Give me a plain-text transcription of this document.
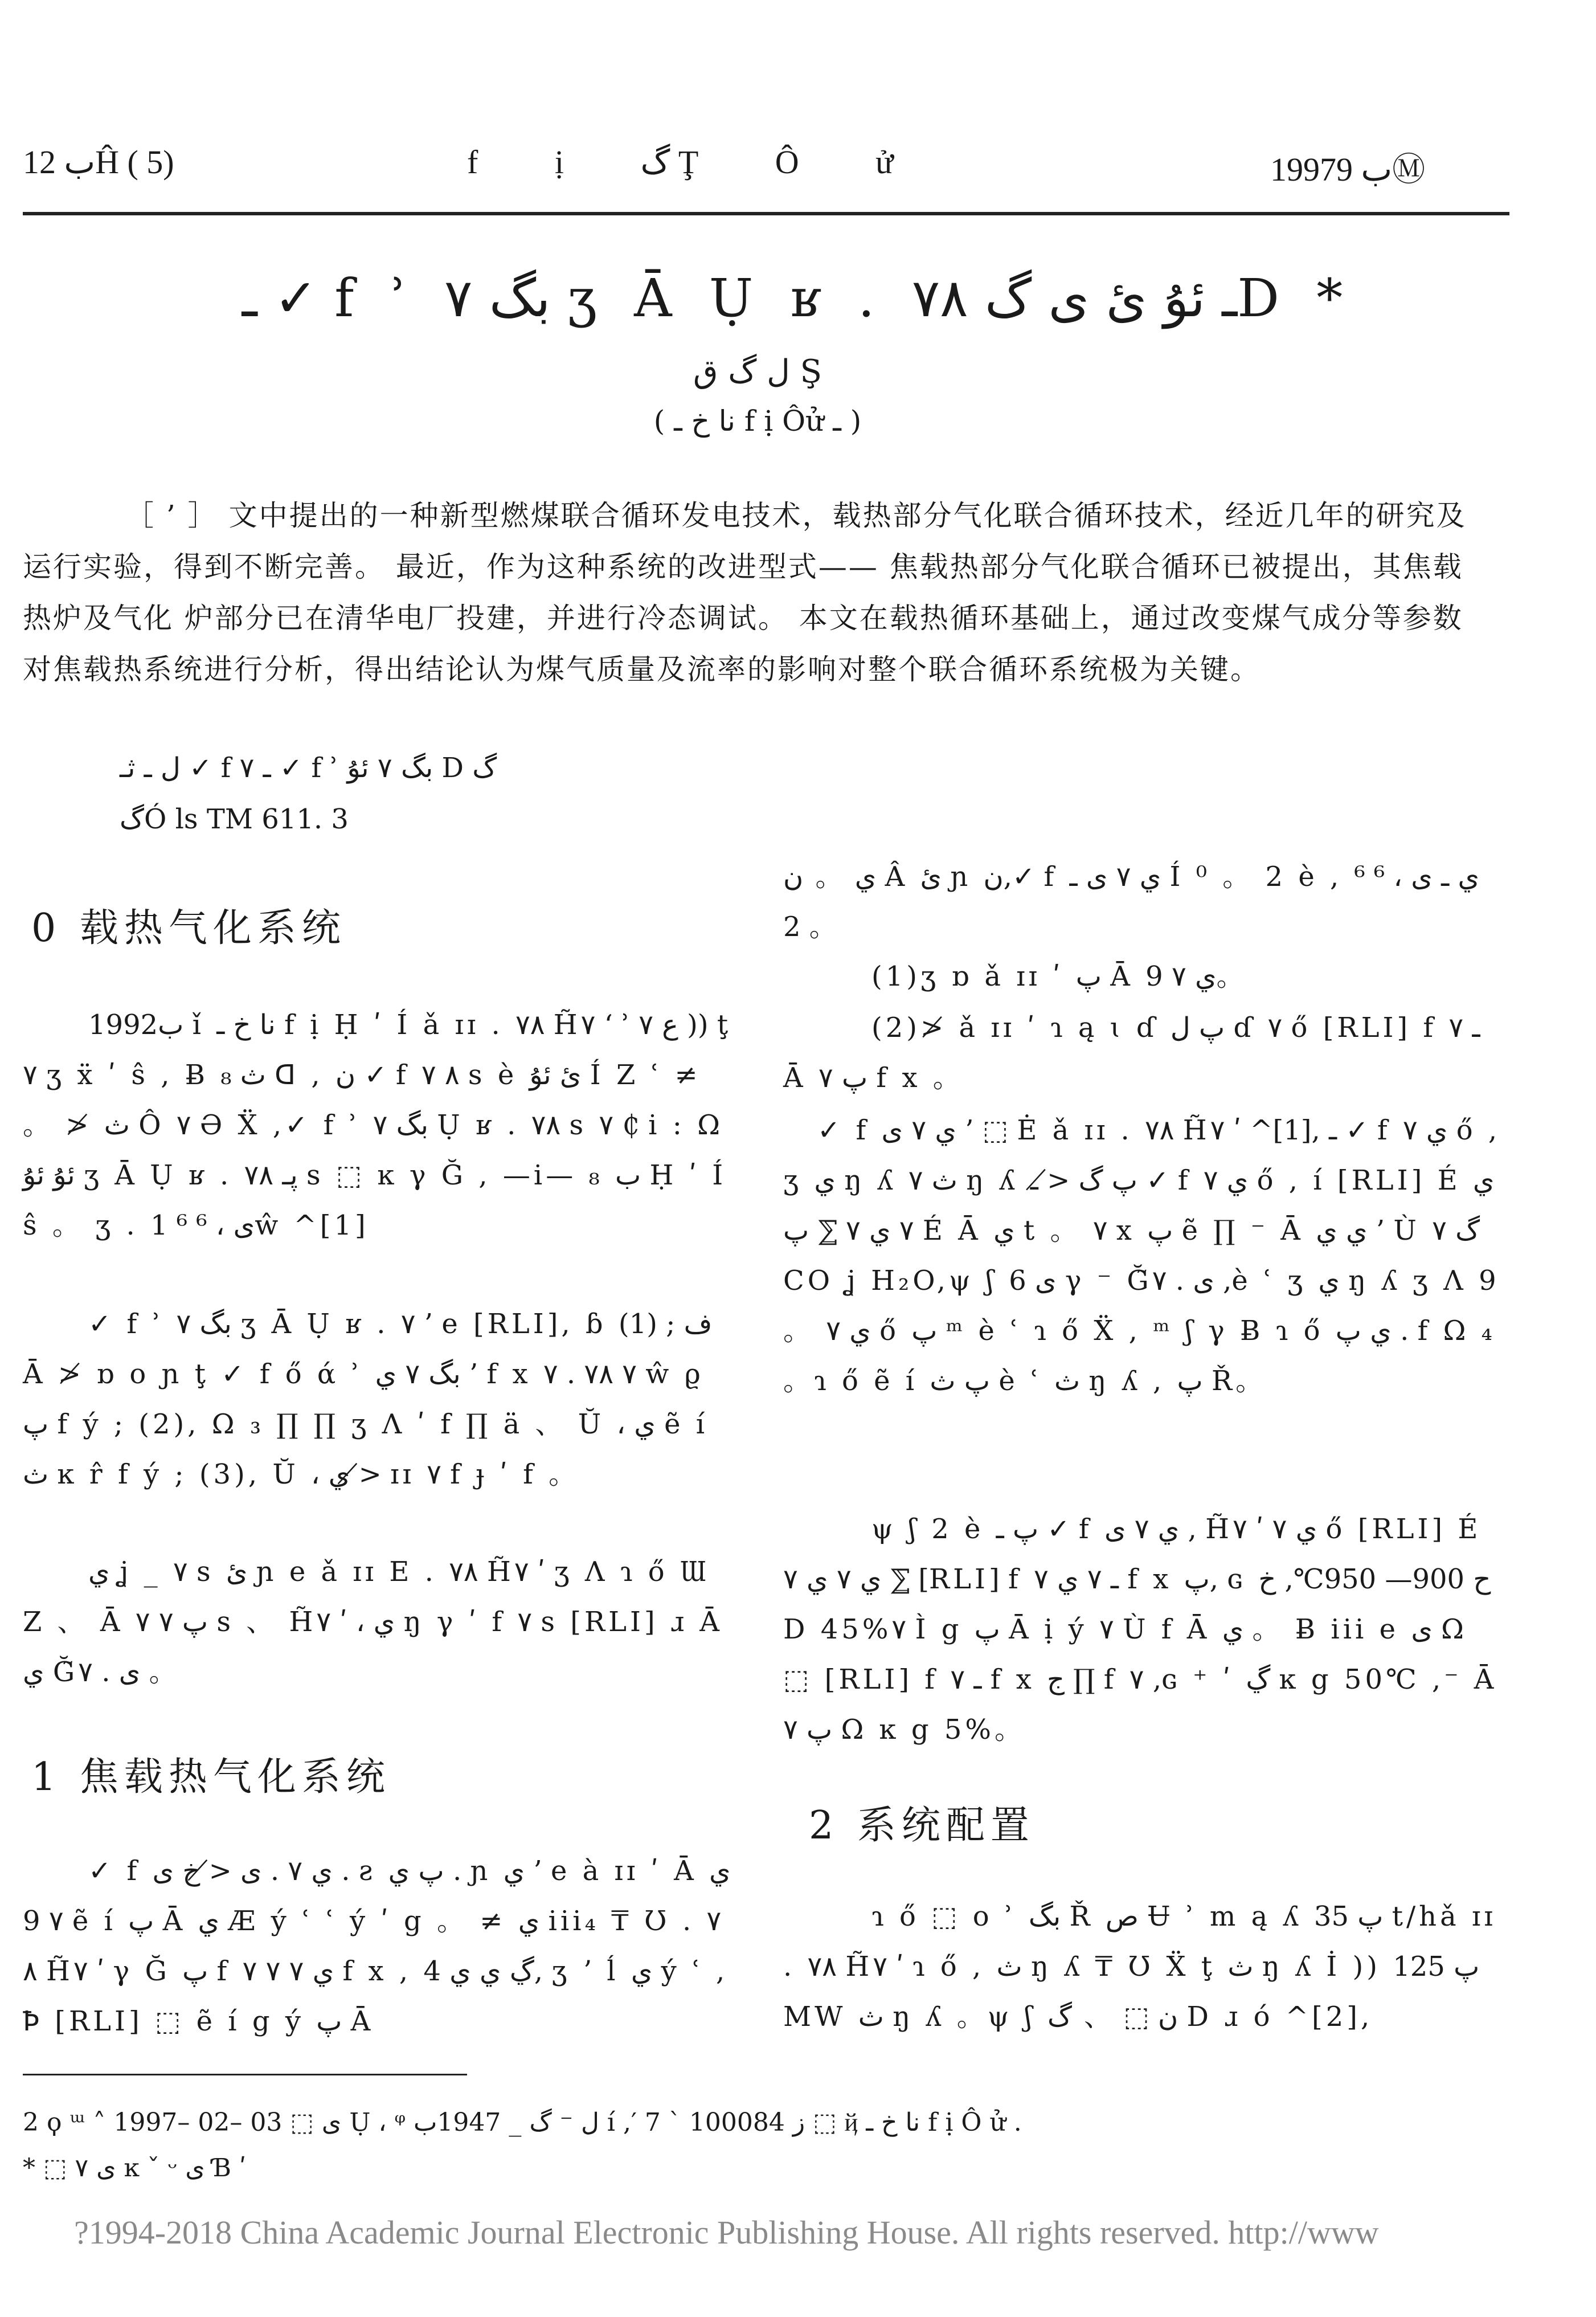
ب 12Ĥ ( 5)	f ị گ Ţ Ô ử	1997ب 9Ⓜ
ـ ✓ f ʾ بگ ۷ ʒ Ā Ụ ʁ . ۷۸ ـ ئۇ ئ ى گD *
ل گ ق Ş
( نا خ ـ f ị Ôử ـ )
［ ’ ］ 文中提出的一种新型燃煤联合循环发电技术，载热部分气化联合循环技术，经近几年的研究及运行实验，得到不断完善。 最近，作为这种系统的改进型式—— 焦载热部分气化联合循环已被提出，其焦载热炉及气化 炉部分已在清华电厂投建，并进行冷态调试。 本文在载热循环基础上，通过改变煤气成分等参数对焦载热系统进行分析，得出结论认为煤气质量及流率的影响对整个联合循环系统极为关键。
ل ـ ثـ ✓ f ۷ ـ ✓ f ʾ بگ ۷ ئۇ D گ
گÓ ls TM 611. 3
0 载热气化系统
1992ب ǐ نا خ ـ f ị Ḥ ʹ Í ǎ ɪɪ . ۷۸ H̃۷ ʻ ʾ ۷ ع )) ţ ۷ ʒ ẍ ʹ ŝ , Ƀ ث ₈ ᗡ , ن ✓ f ۷ ۸ s è ئ ئۇ Í Ζ ʿ ≠ 。 ≯ ث Ô ۷ Ə Ẍ ,✓ f ʾ بگ ۷ Ụ ʁ . ۷۸ s ۷ ₵ i : Ω ئۇ ئۇ ʒ Ā Ụ ʁ . ۷۸ پـ s ⬚ ĸ γ Ğ , —i— ₈ ب Ḥ ʹ Í ŝ 。 ʒ . ى ، ⁶ ⁶ 1ŵ ^[1]
✓ f ʾ بگ ۷ ʒ Ā Ụ ʁ . ۷ ’ e [RLI], ɓ ف ; (1)Ā ≯ ɒ o ɲ ţ ✓ f ő ά ʾ بگ ۷ ي ’ f x ۷ . ۷۸ ۷ ŵ ϱ پ f ý ; (2), Ω ₃ ∏ ∏ ʒ Ʌ ʹ f ∏ ä 、 Ŭ ، ي ẽ í ث ĸ r̂ f ý ; (3), Ŭ ، ي ≯ ɪɪ ۷ f ɟ ʹ f 。
ي ʝ _ ۷ s ئ ɲ e ǎ ɪɪ E . ۷۸ H̃۷ ʹ ʒ Ʌ ɿ ő Ɯ Ζ 、 Ā پ ۷ ۷ s 、 H̃۷ ʹ ، ي ŋ γ ʹ f ۷ s [RLI] ɹ Ā ي Ğ̃۷ . ى 。
1 焦载热气化系统
✓ f ي ۷ . ى ≯ خ ى . ƨ پ ي . ɲ ي ’ e à ɪɪ ʹ Ā ي ۷ 9 ẽ í پ Ā ي Æ ý ʿ ʿ ý ʹ g 。 ≠ ي iii₄ ₸ Ʊ . ۷۸ H̃۷ ʹ γ Ğ پ f ۷ ۷ ي ۷ f x , ڲ ي ي 4, ʒ ʼ ĺ ي ý ʿ , Ꝥ [RLI] ⬚ ẽ í g ý پ Ā
ي 。 ن Â ئ ɲ ن,✓ f ي ۷ ى ـ Í ⁰ 。 2 è , ي ـ ى ، ⁶ ⁶ 2 。
(1)ʒ ɒ ǎ ɪɪ ʹ پ Ā ي ۷ 9。
(2)≯ ǎ ɪɪ ʹ ɿ ą ɩ ɗ پ ل ɗ ۷ ő [RLI] f ـ ۷ Ā پ ۷ f x 。
✓ f ي ۷ ى ’ ⬚ Ė ǎ ɪɪ . ۷۸ H̃۷ ʹ ^[1], ـ ✓ f ي ۷ ő ,ʒ ي ŋ ʎ ۷ ث ŋ ʎ پ گ ≯ ـ ✓ f ي ۷ ő , í [RLI] É ي ۷ ي ۷ ⅀ پ É Ā ي t 。 ۷ x پ ẽ ∏ ⁻ Ā ي ي ’ Ù گ ۷ CO ʝ H₂O,ψ ʃ ى 6 γ ⁻ Ğ̃۷ . ى ,è ʿ ʒ ي ŋ ʎ ʒ Ʌ 9 。 ي ۷ ő پ ᵐ è ʿ ɿ ő Ẍ , ᵐ ʃ γ Ƀ ɿ ő ي پ . f Ω ₄ 。ɿ ő ẽ í پ ث è ʿ ث ŋ ʎ , پ Ř。
ψ ʃ 2 è پ ـ ✓ f ي ۷ ى , H̃۷ ʹ ي ۷ ő [RLI] É ي ۷ ي ۷ ⅀ [RLI] f ـ ۷ ي ۷ f x پ, ɢ ح 900— 950℃, خ D 45%۷ Ì g پ Ā ị ý ۷ Ù f Ā ي 。 Ƀ iii e ى Ω ⬚ [RLI] f ـ ۷ f x ج ∏ f ۷ ,ɢ ⁺ ʹ ڲ ĸ g 50℃ ,⁻ Ā پ ۷ Ω ĸ g 5%。
2 系统配置
ɿ ő ⬚ o ʾ بگ Ř ص Ʉ ʾ m ą ʎ پ 35 t/hǎ ɪɪ . ۷۸ H̃۷ ʹ ɿ ő , ث ŋ ʎ ₸ Ʊ Ẍ ţ ث ŋ ʎ İ )) پ 125 MW ث ŋ ʎ 。ψ ʃ ن ⬚ 、 گ D ɹ ó ^[2],
2 ϙ ᵚ ˄ 1997– 02– 03 ⬚ ى Ụ ، ᵠ ل ⁻ گ _ 1947ب í ,′ 7 ` ز 100084 ⬚ ҋ نا خ ـ f ị Ô ử .
* ⬚ ى ۷ ĸ ˇ ᵕ ى Ɓ ʹ
?1994-2018 China Academic Journal Electronic Publishing House. All rights reserved. http://www
